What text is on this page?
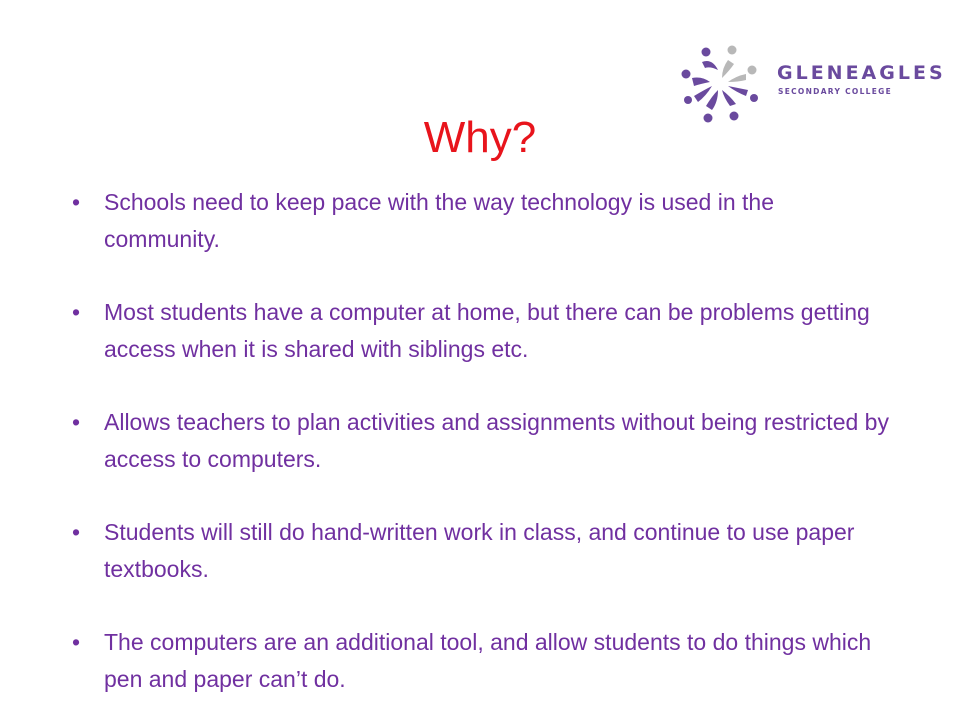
GLENEAGLES
SECONDARY COLLEGE
Why?
• Schools need to keep pace with the way technology is used in the community.
• Most students have a computer at home, but there can be problems getting access when it is shared with siblings etc.
• Allows teachers to plan activities and assignments without being restricted by access to computers.
• Students will still do hand-written work in class, and continue to use paper textbooks.
• The computers are an additional tool, and allow students to do things which pen and paper can’t do.
